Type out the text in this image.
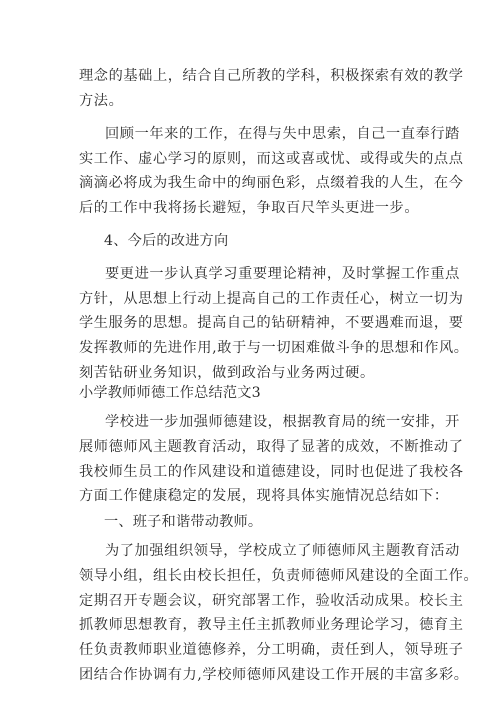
理念的基础上，结合自己所教的学科，积极探索有效的教学
方法。
回顾一年来的工作，在得与失中思索，自己一直奉行踏
实工作、虚心学习的原则，而这或喜或忧、或得或失的点点
滴滴必将成为我生命中的绚丽色彩，点缀着我的人生，在今
后的工作中我将扬长避短，争取百尺竿头更进一步。
4、今后的改进方向
要更进一步认真学习重要理论精神，及时掌握工作重点
方针，从思想上行动上提高自己的工作责任心，树立一切为
学生服务的思想。提高自己的钻研精神，不要遇难而退，要
发挥教师的先进作用,敢于与一切困难做斗争的思想和作风。
刻苦钻研业务知识，做到政治与业务两过硬。
小学教师师德工作总结范文3
学校进一步加强师德建设，根据教育局的统一安排，开
展师德师风主题教育活动，取得了显著的成效，不断推动了
我校师生员工的作风建设和道德建设，同时也促进了我校各
方面工作健康稳定的发展，现将具体实施情况总结如下：
一、班子和谐带动教师。
为了加强组织领导，学校成立了师德师风主题教育活动
领导小组，组长由校长担任，负责师德师风建设的全面工作。
定期召开专题会议，研究部署工作，验收活动成果。校长主
抓教师思想教育，教导主任主抓教师业务理论学习，德育主
任负责教师职业道德修养，分工明确，责任到人，领导班子
团结合作协调有力,学校师德师风建设工作开展的丰富多彩。
